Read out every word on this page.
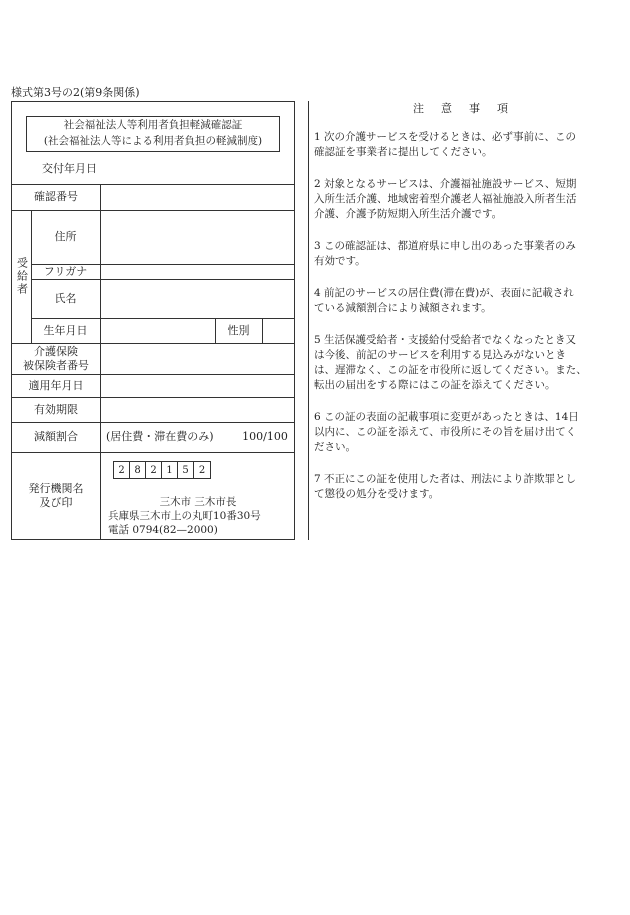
様式第3号の2(第9条関係)
社会福祉法人等利用者負担軽減確認証
(社会福祉法人等による利用者負担の軽減制度)
交付年月日
確認番号
受給者
住所
フリガナ
氏名
生年月日	性別
介護保険
被保険者番号
適用年月日
有効期限
減額割合	(居住費・滞在費のみ)	100/100
発行機関名
及び印
2 8 2 1 5	2
三木市 三木市長
兵庫県三木市上の丸町10番30号
電話 0794(82—2000)
注意事項
1 次の介護サービスを受けるときは、必ず事前に、この
確認証を事業者に提出してください。
2 対象となるサービスは、介護福祉施設サービス、短期
入所生活介護、地域密着型介護老人福祉施設入所者生活
介護、介護予防短期入所生活介護です。
3 この確認証は、都道府県に申し出のあった事業者のみ
有効です。
4 前記のサービスの居住費(滞在費)が、表面に記載され
ている減額割合により減額されます。
5 生活保護受給者・支援給付受給者でなくなったとき又
は今後、前記のサービスを利用する見込みがないとき
は、遅滞なく、この証を市役所に返してください。また、
転出の届出をする際にはこの証を添えてください。
6 この証の表面の記載事項に変更があったときは、14日
以内に、この証を添えて、市役所にその旨を届け出てく
ださい。
7 不正にこの証を使用した者は、刑法により詐欺罪とし
て懲役の処分を受けます。
